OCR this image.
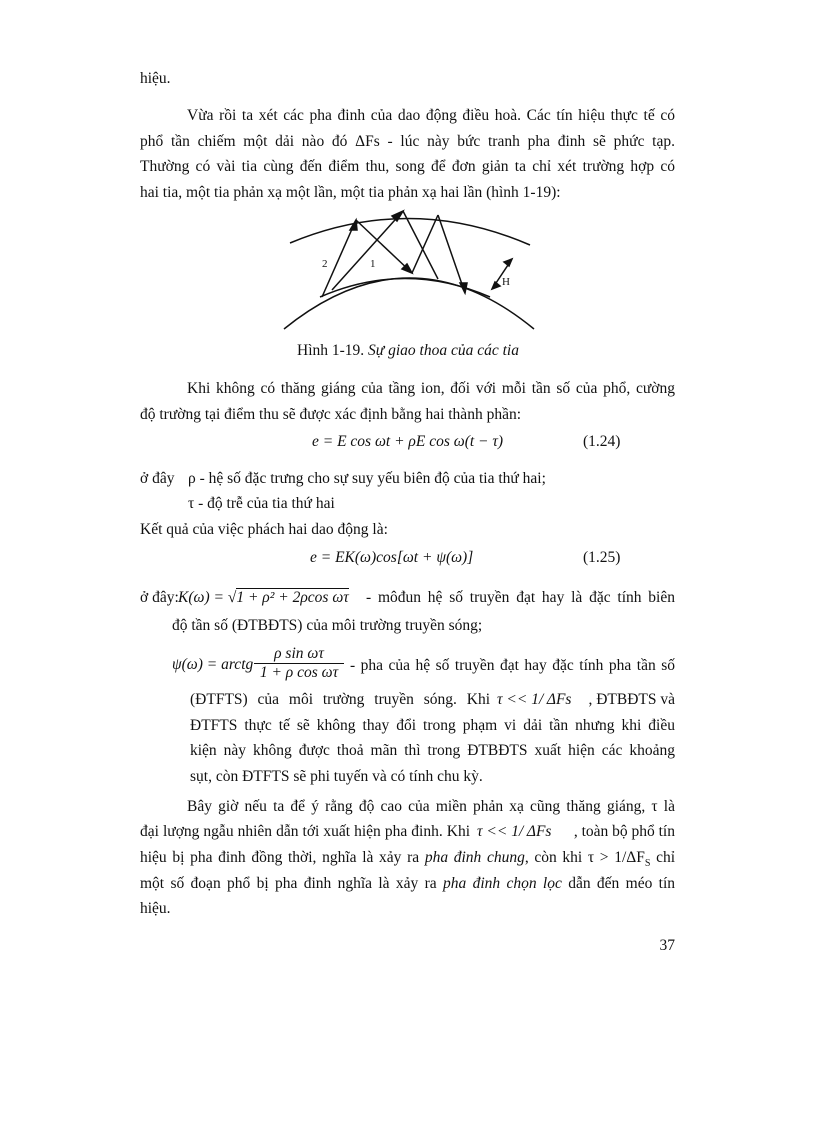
hiệu.
Vừa rồi ta xét các pha đinh của dao động điều hoà. Các tín hiệu thực tế có
phổ tần chiếm một dải nào đó ΔFs - lúc này bức tranh pha đinh sẽ phức tạp.
Thường có vài tia cùng đến điểm thu, song để đơn giản ta chỉ xét trường hợp có
hai tia, một tia phản xạ một lần, một tia phản xạ hai lần (hình 1-19):
2	1
H
Hình 1-19. Sự giao thoa của các tia
Khi không có thăng giáng của tầng ion, đối với mỗi tần số của phổ, cường
độ trường tại điểm thu sẽ được xác định bằng hai thành phần:
e = E cos ωt + ρE cos ω(t − τ)	(1.24)
ở đây ρ - hệ số đặc trưng cho sự suy yếu biên độ của tia thứ hai;
τ - độ trễ của tia thứ hai
Kết quả của việc phách hai dao động là:
e = EK(ω)cos[ωt + ψ(ω)]	(1.25)
ở đây: K(ω) = √1 + ρ² + 2ρcos ωτ - môđun hệ số truyền đạt hay là đặc tính biên
độ tần số (ĐTBĐTS) của môi trường truyền sóng;
ψ(ω) = arctg
ρ sin ωτ
1 + ρ cos ωτ - pha của hệ số truyền đạt hay đặc tính pha tần số
(ĐTFTS) của môi trường truyền sóng. Khi τ << 1/ ΔFs	, ĐTBĐTS và
ĐTFTS thực tế sẽ không thay đổi trong phạm vi dải tần nhưng khi điều
kiện này không được thoả mãn thì trong ĐTBĐTS xuất hiện các khoảng
sụt, còn ĐTFTS sẽ phi tuyến và có tính chu kỳ.
Bây giờ nếu ta để ý rằng độ cao của miền phản xạ cũng thăng giáng, τ là
đại lượng ngẫu nhiên dẫn tới xuất hiện pha đinh. Khi τ << 1/ ΔFs	, toàn bộ phổ tín
hiệu bị pha đinh đồng thời, nghĩa là xảy ra pha đinh chung, còn khi $\tau > 1/\Delta F_S$ chỉ
một số đoạn phổ bị pha đinh nghĩa là xảy ra pha đinh chọn lọc dẫn đến méo tín
hiệu.
37
